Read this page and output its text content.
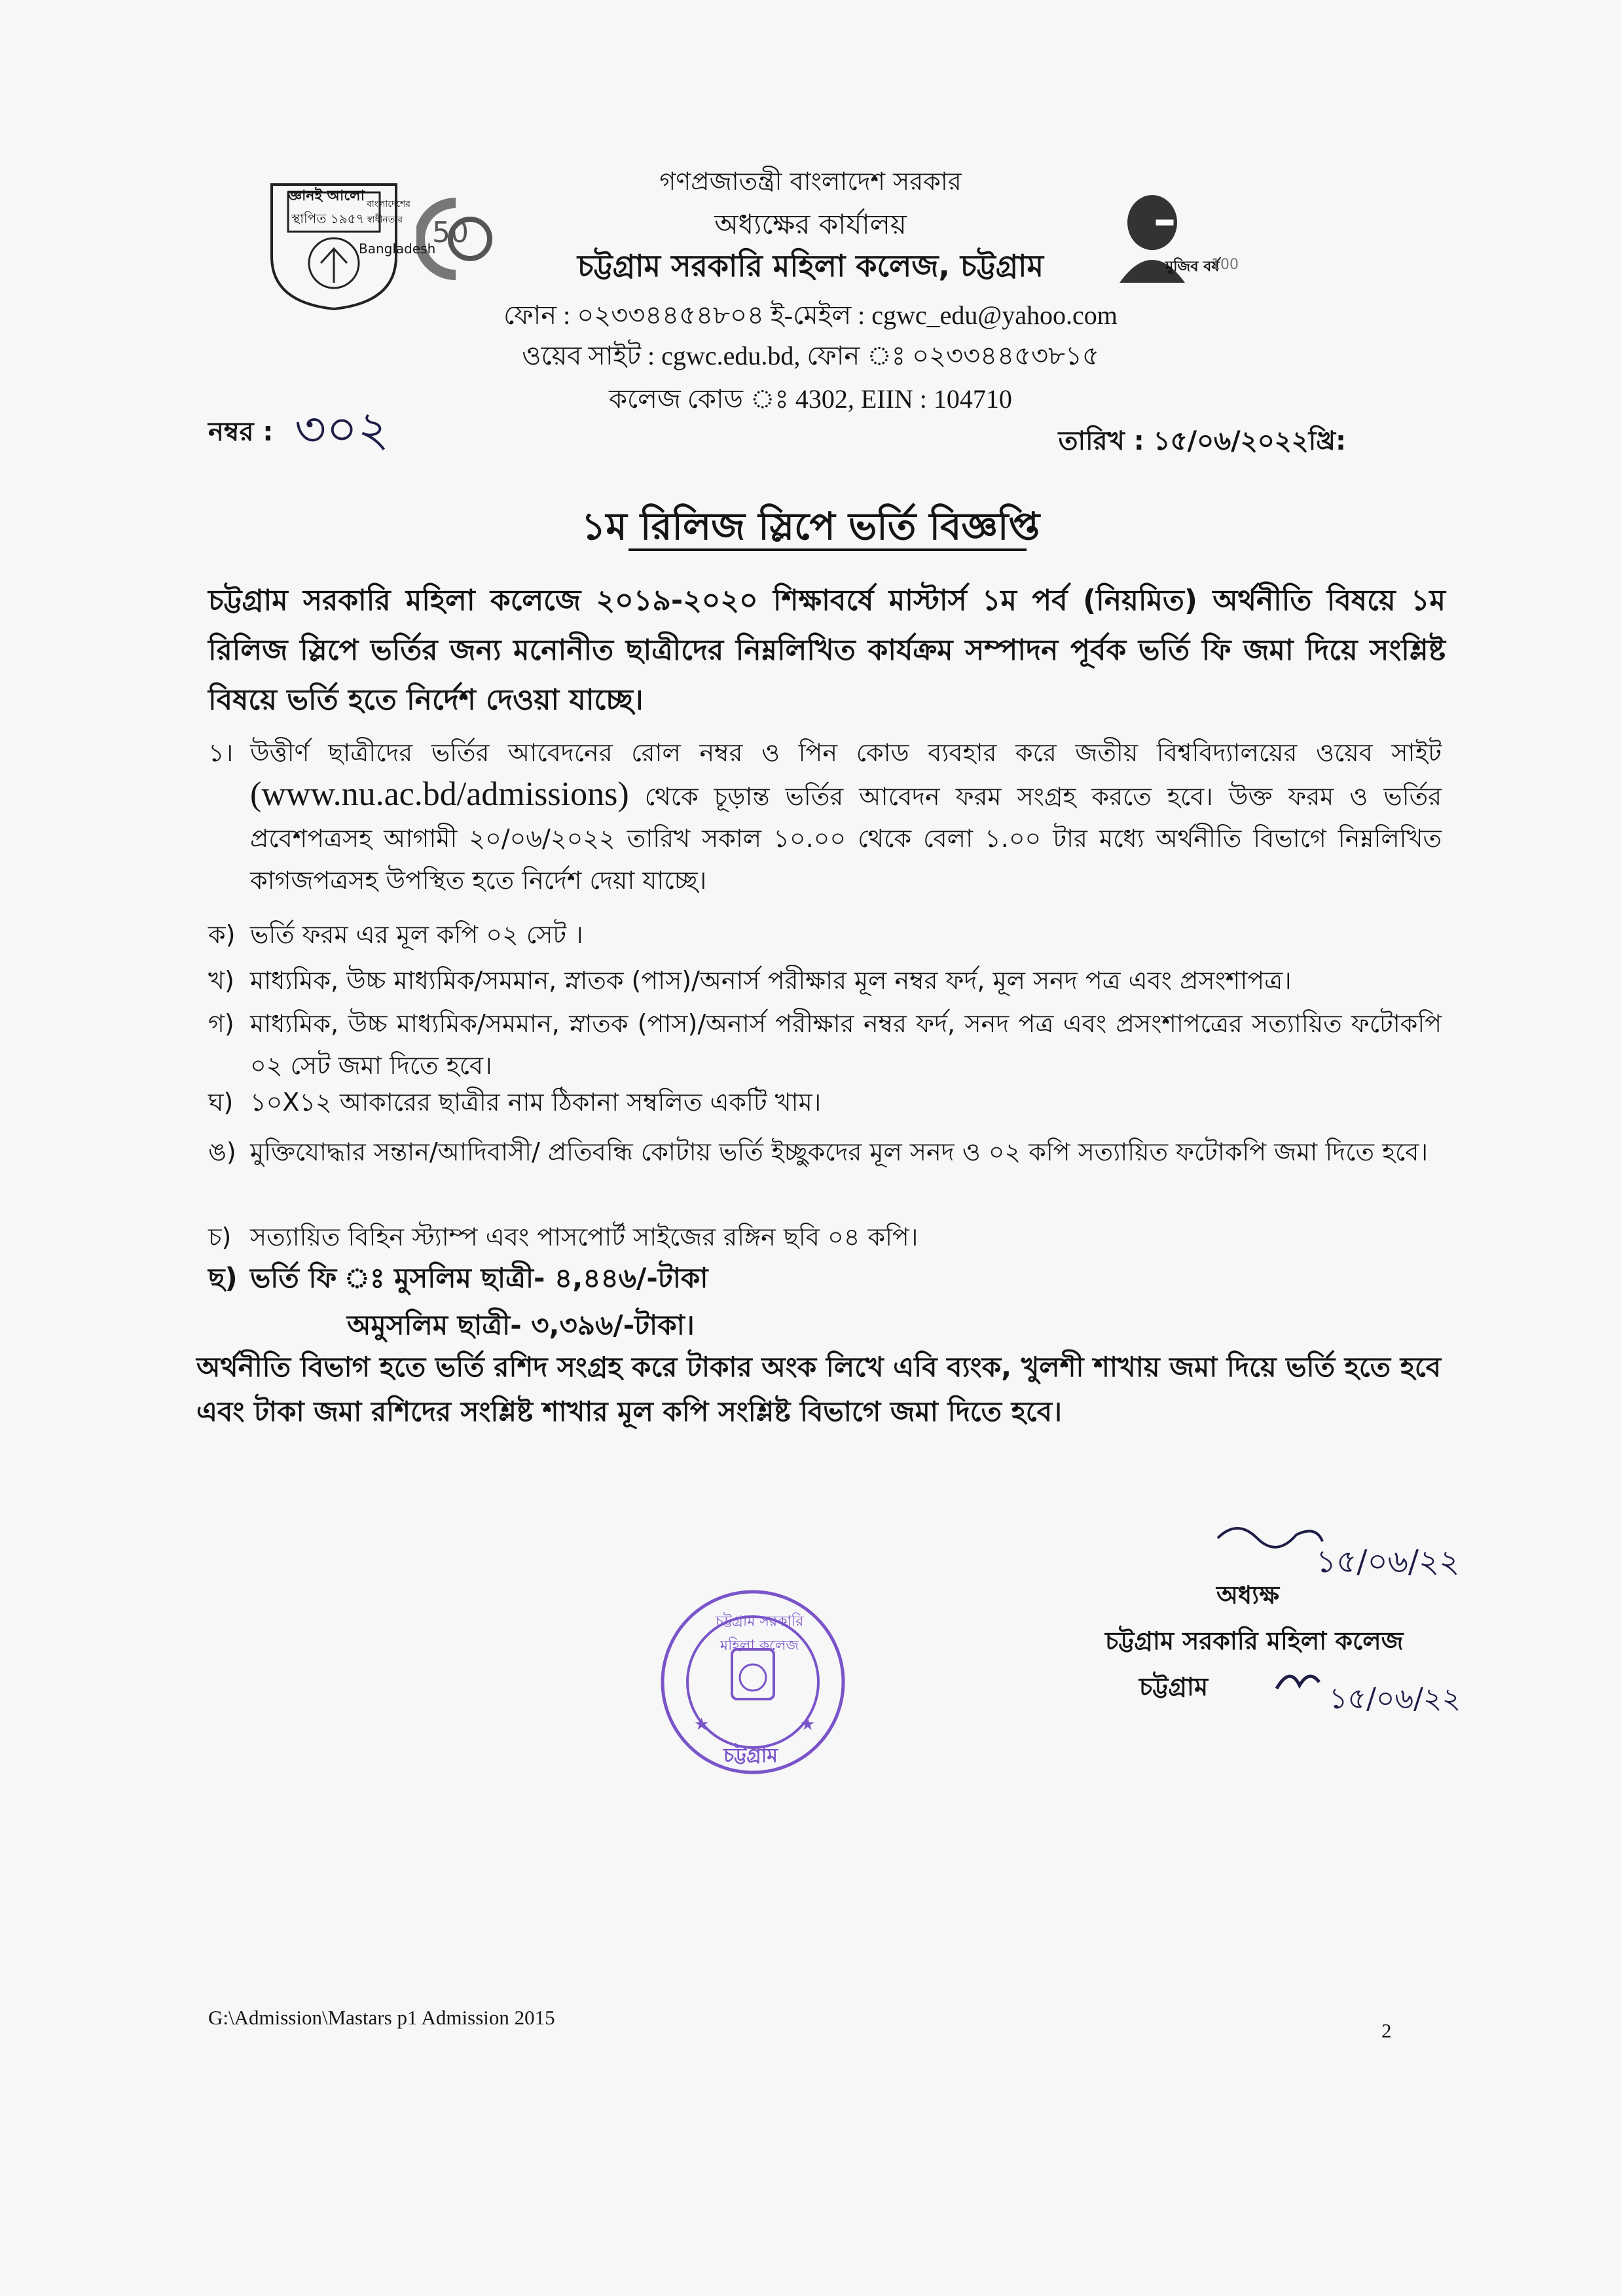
জ্ঞানই আলো
স্থাপিত ১৯৫৭
বাংলাদেশের স্বাধীনতার
Bangladesh
50
মুজিব বর্ষ
100
গণপ্রজাতন্ত্রী বাংলাদেশ সরকার
অধ্যক্ষের কার্যালয়
চট্টগ্রাম সরকারি মহিলা কলেজ, চট্টগ্রাম
ফোন : ০২৩৩৪৪৫৪৮০৪ ই-মেইল : cgwc_edu@yahoo.com
ওয়েব সাইট : cgwc.edu.bd, ফোন ঃ ০২৩৩৪৪৫৩৮১৫
কলেজ কোড ঃ 4302, EIIN : 104710
নম্বর : ৩০২	তারিখ : ১৫/০৬/২০২২খ্রি:
১ম রিলিজ স্লিপে ভর্তি বিজ্ঞপ্তি
চট্টগ্রাম সরকারি মহিলা কলেজে ২০১৯-২০২০ শিক্ষাবর্ষে মাস্টার্স ১ম পর্ব (নিয়মিত) অর্থনীতি বিষয়ে ১ম রিলিজ স্লিপে ভর্তির জন্য মনোনীত ছাত্রীদের নিম্নলিখিত কার্যক্রম সম্পাদন পূর্বক ভর্তি ফি জমা দিয়ে সংশ্লিষ্ট বিষয়ে ভর্তি হতে নির্দেশ দেওয়া যাচ্ছে।
১। উত্তীর্ণ ছাত্রীদের ভর্তির আবেদনের রোল নম্বর ও পিন কোড ব্যবহার করে জতীয় বিশ্ববিদ্যালয়ের ওয়েব সাইট (www.nu.ac.bd/admissions) থেকে চূড়ান্ত ভর্তির আবেদন ফরম সংগ্রহ করতে হবে। উক্ত ফরম ও ভর্তির প্রবেশপত্রসহ আগামী ২০/০৬/২০২২ তারিখ সকাল ১০.০০ থেকে বেলা ১.০০ টার মধ্যে অর্থনীতি বিভাগে নিম্নলিখিত কাগজপত্রসহ উপস্থিত হতে নির্দেশ দেয়া যাচ্ছে।
ক) ভর্তি ফরম এর মূল কপি ০২ সেট ।
খ) মাধ্যমিক, উচ্চ মাধ্যমিক/সমমান, স্নাতক (পাস)/অনার্স পরীক্ষার মূল নম্বর ফর্দ, মূল সনদ পত্র এবং প্রসংশাপত্র।
গ) মাধ্যমিক, উচ্চ মাধ্যমিক/সমমান, স্নাতক (পাস)/অনার্স পরীক্ষার নম্বর ফর্দ, সনদ পত্র এবং প্রসংশাপত্রের সত্যায়িত ফটোকপি ০২ সেট জমা দিতে হবে।
ঘ) ১০X১২ আকারের ছাত্রীর নাম ঠিকানা সম্বলিত একটি খাম।
ঙ) মুক্তিযোদ্ধার সন্তান/আদিবাসী/ প্রতিবন্ধি কোটায় ভর্তি ইচ্ছুকদের মূল সনদ ও ০২ কপি সত্যায়িত ফটোকপি জমা দিতে হবে।
চ) সত্যায়িত বিহিন স্ট্যাম্প এবং পাসপোর্ট সাইজের রঙ্গিন ছবি ০৪ কপি।
ছ) ভর্তি ফি ঃ মুসলিম ছাত্রী- ৪,৪৪৬/-টাকা
অমুসলিম ছাত্রী- ৩,৩৯৬/-টাকা।
অর্থনীতি বিভাগ হতে ভর্তি রশিদ সংগ্রহ করে টাকার অংক লিখে এবি ব্যংক, খুলশী শাখায় জমা দিয়ে ভর্তি হতে হবে এবং টাকা জমা রশিদের সংশ্লিষ্ট শাখার মূল কপি সংশ্লিষ্ট বিভাগে জমা দিতে হবে।
১৫/০৬/২২
অধ্যক্ষ
চট্টগ্রাম সরকারি মহিলা কলেজ
চট্টগ্রাম	১৫/০৬/২২
★	★
চট্টগ্রাম সরকারি মহিলা কলেজ
চট্টগ্রাম
G:\Admission\Mastars p1 Admission 2015
2
